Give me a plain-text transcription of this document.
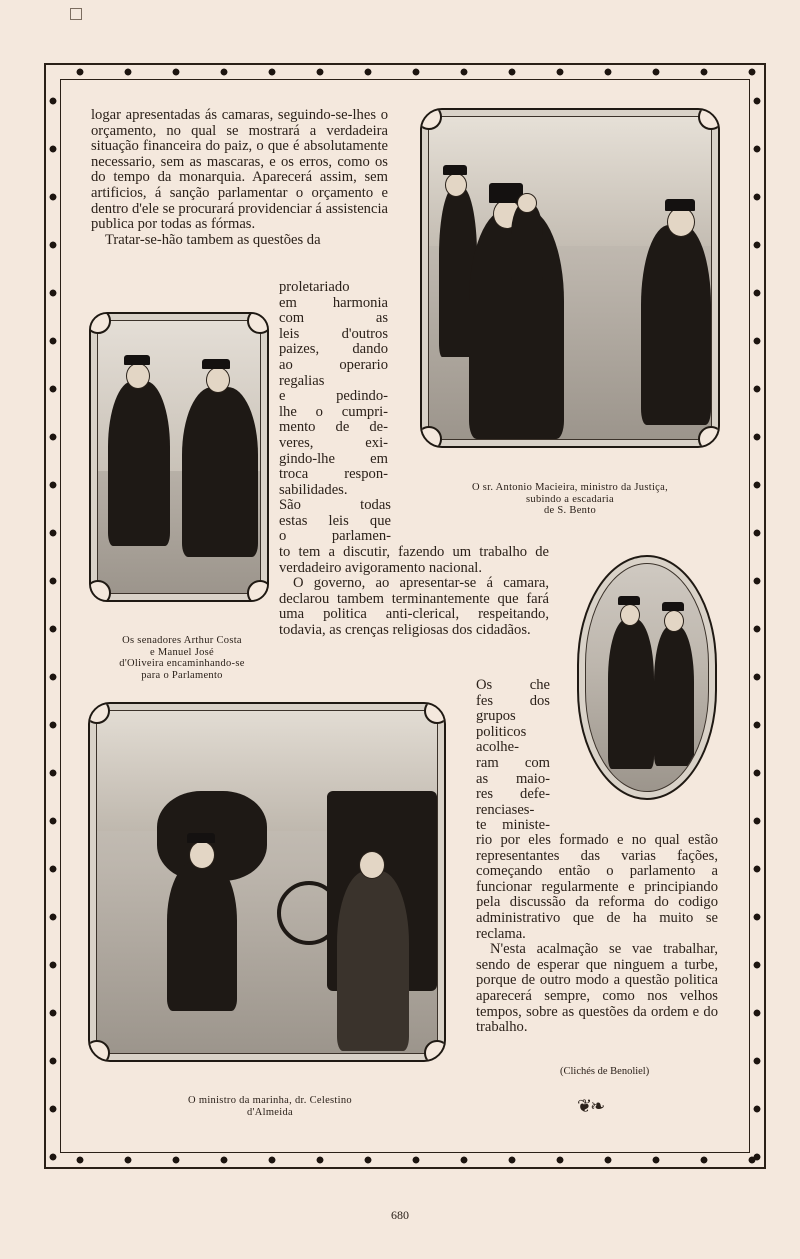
logar apresentadas ás camaras, seguindo-se-lhes o orçamento, no qual se mostrará a verdadeira situação financeira do paiz, o que é absolutamente necessario, sem as mascaras, e os erros, como os do tempo da monarquia. Aparecerá assim, sem artificios, á sanção parlamentar o orçamento e dentro d'ele se procurará providenciar á assistencia publica por todas as fórmas.

Tratar-se-hão tambem as questões da

proletariado
em harmonia
com as
leis d'outros
paizes, dando
ao operario
regalias
e pedindo-
lhe o cumpri-
mento de de-
veres, exi-
gindo-lhe em
troca respon-
sabilidades.
São todas
estas leis que
o parlamen-

to tem a discutir, fazendo um trabalho de verdadeiro avigoramento nacional.

O governo, ao apresentar-se á camara, declarou tambem terminantemente que fará uma politica anti-clerical, respeitando, todavia, as crenças religiosas dos cidadãos.

Os che
fes dos
grupos
politicos
acolhe-
ram com
as maio-
res defe-
renciases-
te ministe-

rio por eles formado e no qual estão representantes das varias fações, começando então o parlamento a funcionar regularmente e principiando pela discussão da reforma do codigo administrativo que de ha muito se reclama.

N'esta acalmação se vae trabalhar, sendo de esperar que ninguem a turbe, porque de outro modo a questão politica aparecerá sempre, como nos velhos tempos, sobre as questões da ordem e do trabalho.

O sr. Antonio Macieira, ministro da Justiça,
subindo a escadaria
de S. Bento
Os senadores Arthur Costa
e Manuel José
d'Oliveira encaminhando-se
para o Parlamento
O ministro da marinha, dr. Celestino
d'Almeida
(Clichés de Benoliel)
❦❧
680
